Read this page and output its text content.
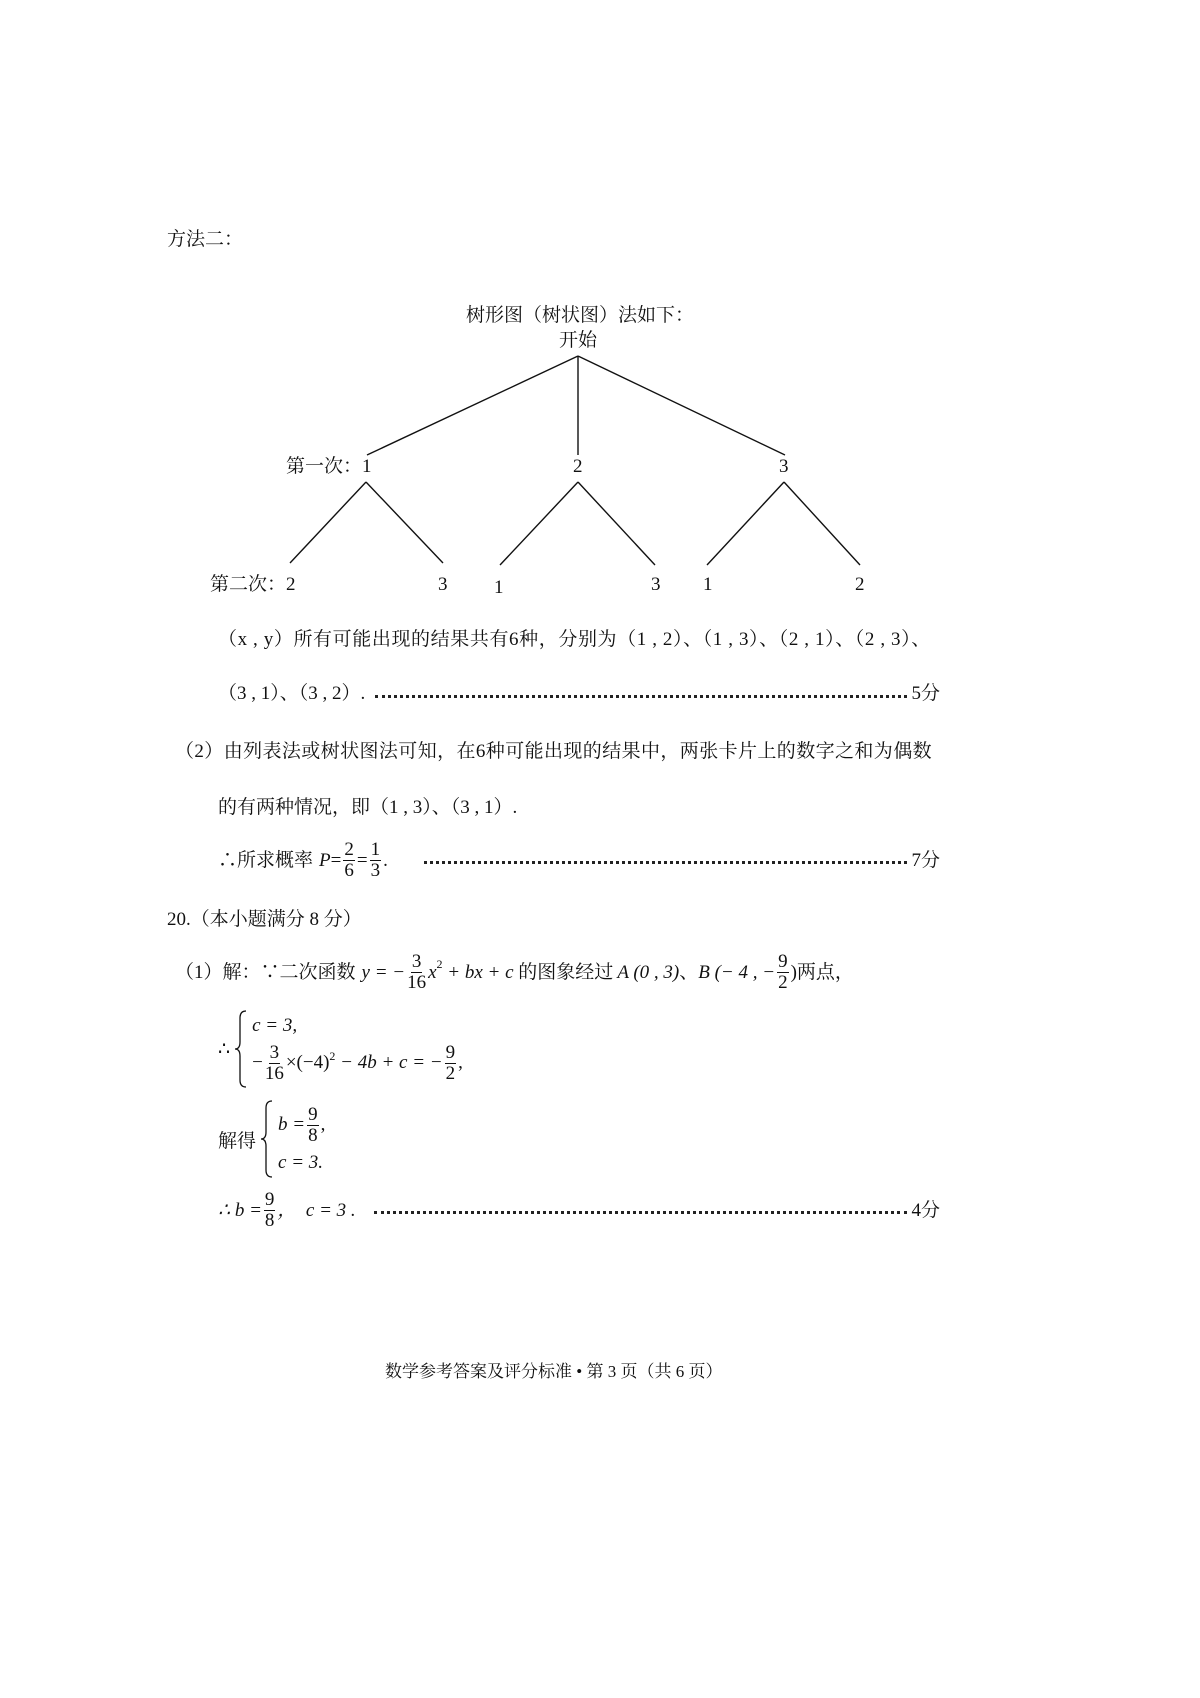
方法二：
树形图（树状图）法如下：
开始
第一次： 1	2	3
第二次： 2	3 1	3 1	2
（x , y）所有可能出现的结果共有6种，分别为（1 , 2）、（1 , 3）、（2 , 1）、（2 , 3）、
（3 , 1）、（3 , 2）.	5分
（2）由列表法或树状图法可知，在6种可能出现的结果中，两张卡片上的数字之和为偶数
的有两种情况，即（1 , 3）、（3 , 1）.
∴所求概率 $P = \frac{2}{6} = \frac{1}{3}$ .	7分
20.（本小题满分 8 分）
（1）解：∵二次函数 y = − $\frac{3}{16} x^2$ + bx + c 的图象经过 A (0 , 3) 、 B (− 4 , − $\frac{9}{2}$ ) 两点，
∴
c = 3,
− $\frac{3}{16} \times(-4)^2 - 4b + c$ = − $\frac{9}{2}$ ,
解得
$b = \frac{9}{8}$ ,
c = 3.
∴ $b = \frac{9}{8}$ ，  c = 3 .	4分
数学参考答案及评分标准 • 第 3 页（共 6 页）
